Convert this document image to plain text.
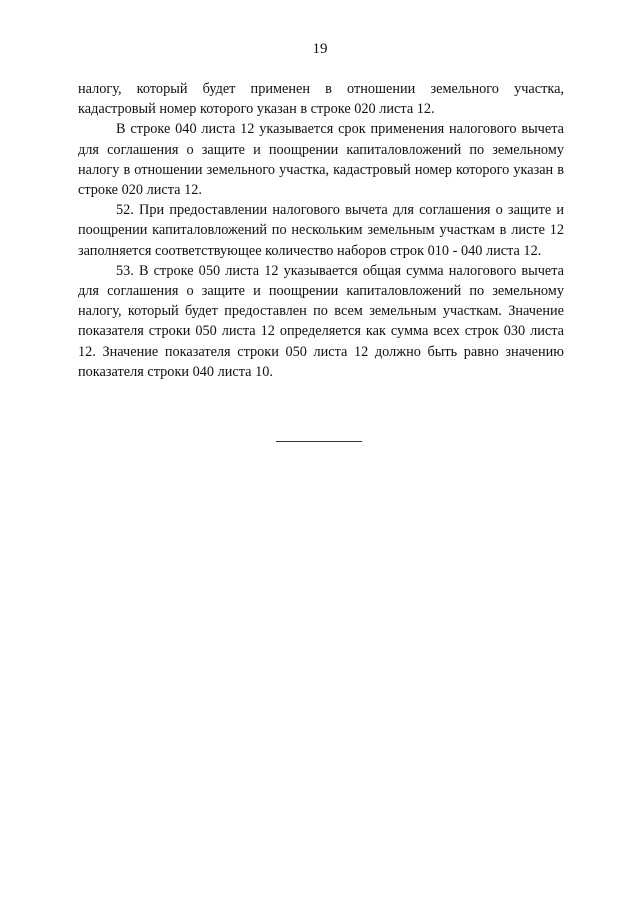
19

налогу, который будет применен в отношении земельного участка, кадастровый номер которого указан в строке 020 листа 12.

В строке 040 листа 12 указывается срок применения налогового вычета для соглашения о защите и поощрении капиталовложений по земельному налогу в отношении земельного участка, кадастровый номер которого указан в строке 020 листа 12.

52. При предоставлении налогового вычета для соглашения о защите и поощрении капиталовложений по нескольким земельным участкам в листе 12 заполняется соответствующее количество наборов строк 010 - 040 листа 12.

53. В строке 050 листа 12 указывается общая сумма налогового вычета для соглашения о защите и поощрении капиталовложений по земельному налогу, который будет предоставлен по всем земельным участкам. Значение показателя строки 050 листа 12 определяется как сумма всех строк 030 листа 12. Значение показателя строки 050 листа 12 должно быть равно значению показателя строки 040 листа 10.
